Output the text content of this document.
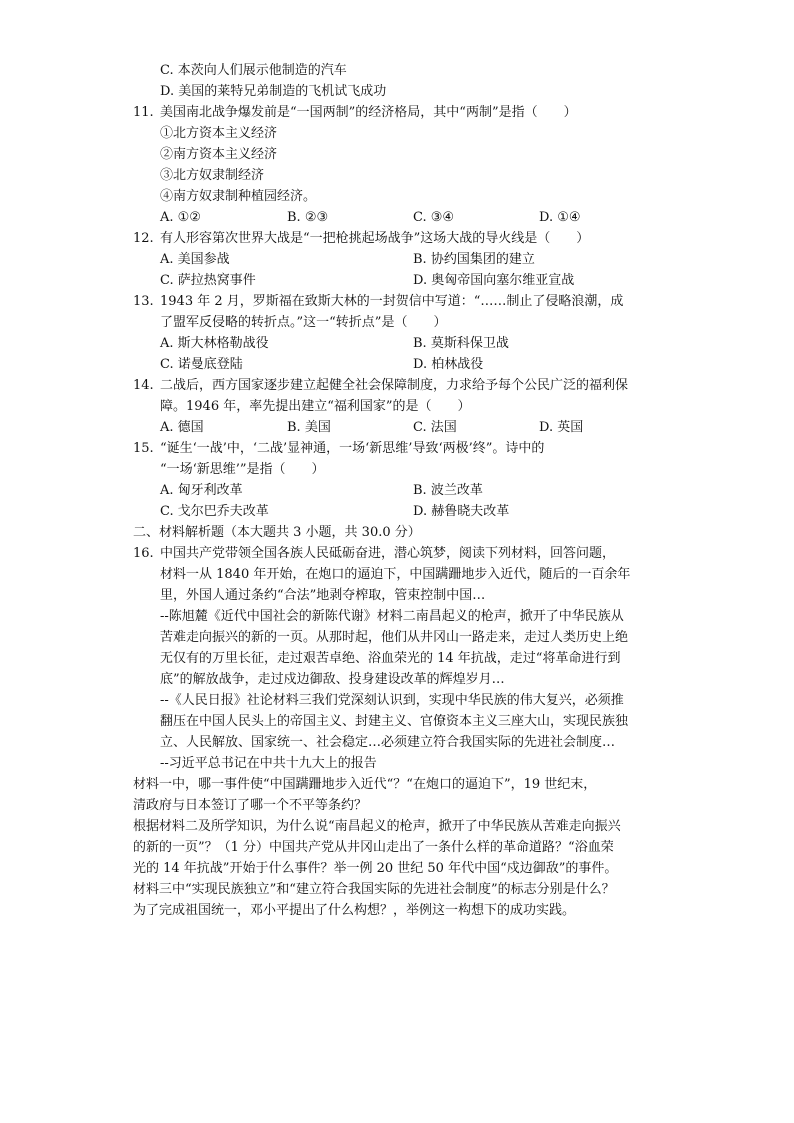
C. 本茨向人们展示他制造的汽车
D. 美国的莱特兄弟制造的飞机试飞成功
11. 美国南北战争爆发前是“一国两制”的经济格局，其中“两制”是指（　　）
①北方资本主义经济
②南方资本主义经济
③北方奴隶制经济
④南方奴隶制种植园经济。
A. ①②	B. ②③	C. ③④	D. ①④
12. 有人形容第次世界大战是“一把枪挑起场战争”这场大战的导火线是（　　）
A. 美国参战	B. 协约国集团的建立
C. 萨拉热窝事件	D. 奥匈帝国向塞尔维亚宣战
13. 1943 年 2 月，罗斯福在致斯大林的一封贺信中写道：“……制止了侵略浪潮，成
了盟军反侵略的转折点。”这一“转折点”是（　　）
A. 斯大林格勒战役	B. 莫斯科保卫战
C. 诺曼底登陆	D. 柏林战役
14. 二战后，西方国家逐步建立起健全社会保障制度，力求给予每个公民广泛的福利保
障。1946 年，率先提出建立“福利国家”的是（　　）
A. 德国	B. 美国	C. 法国	D. 英国
15. “诞生‘一战’中，‘二战’显神通，一场‘新思维’导致‘两极’终”。诗中的
“一场‘新思维’”是指（　　）
A. 匈牙利改革	B. 波兰改革
C. 戈尔巴乔夫改革	D. 赫鲁晓夫改革
二、材料解析题（本大题共 3 小题，共 30.0 分）
16. 中国共产党带领全国各族人民砥砺奋进，潜心筑梦，阅读下列材料，回答问题，
材料一从 1840 年开始，在炮口的逼迫下，中国蹒跚地步入近代，随后的一百余年
里，外国人通过条约“合法”地剥夺榨取，管束控制中国…
--陈旭麓《近代中国社会的新陈代谢》材料二南昌起义的枪声，掀开了中华民族从
苦难走向振兴的新的一页。从那时起，他们从井冈山一路走来，走过人类历史上绝
无仅有的万里长征，走过艰苦卓绝、浴血荣光的 14 年抗战，走过“将革命进行到
底”的解放战争，走过戍边御敌、投身建设改革的辉煌岁月…
--《人民日报》社论材料三我们党深刻认识到，实现中华民族的伟大复兴，必须推
翻压在中国人民头上的帝国主义、封建主义、官僚资本主义三座大山，实现民族独
立、人民解放、国家统一、社会稳定…必须建立符合我国实际的先进社会制度…
--习近平总书记在中共十九大上的报告
材料一中，哪一事件使“中国蹒跚地步入近代“？“在炮口的逼迫下”，19 世纪末，
清政府与日本签订了哪一个不平等条约？
根据材料二及所学知识，为什么说“南昌起义的枪声，掀开了中华民族从苦难走向振兴
的新的一页”？（1 分）中国共产党从井冈山走出了一条什么样的革命道路？“浴血荣
光的 14 年抗战”开始于什么事件？举一例 20 世纪 50 年代中国“戍边御敌”的事件。
材料三中“实现民族独立”和“建立符合我国实际的先进社会制度”的标志分别是什么？
为了完成祖国统一，邓小平提出了什么构想？，举例这一构想下的成功实践。
